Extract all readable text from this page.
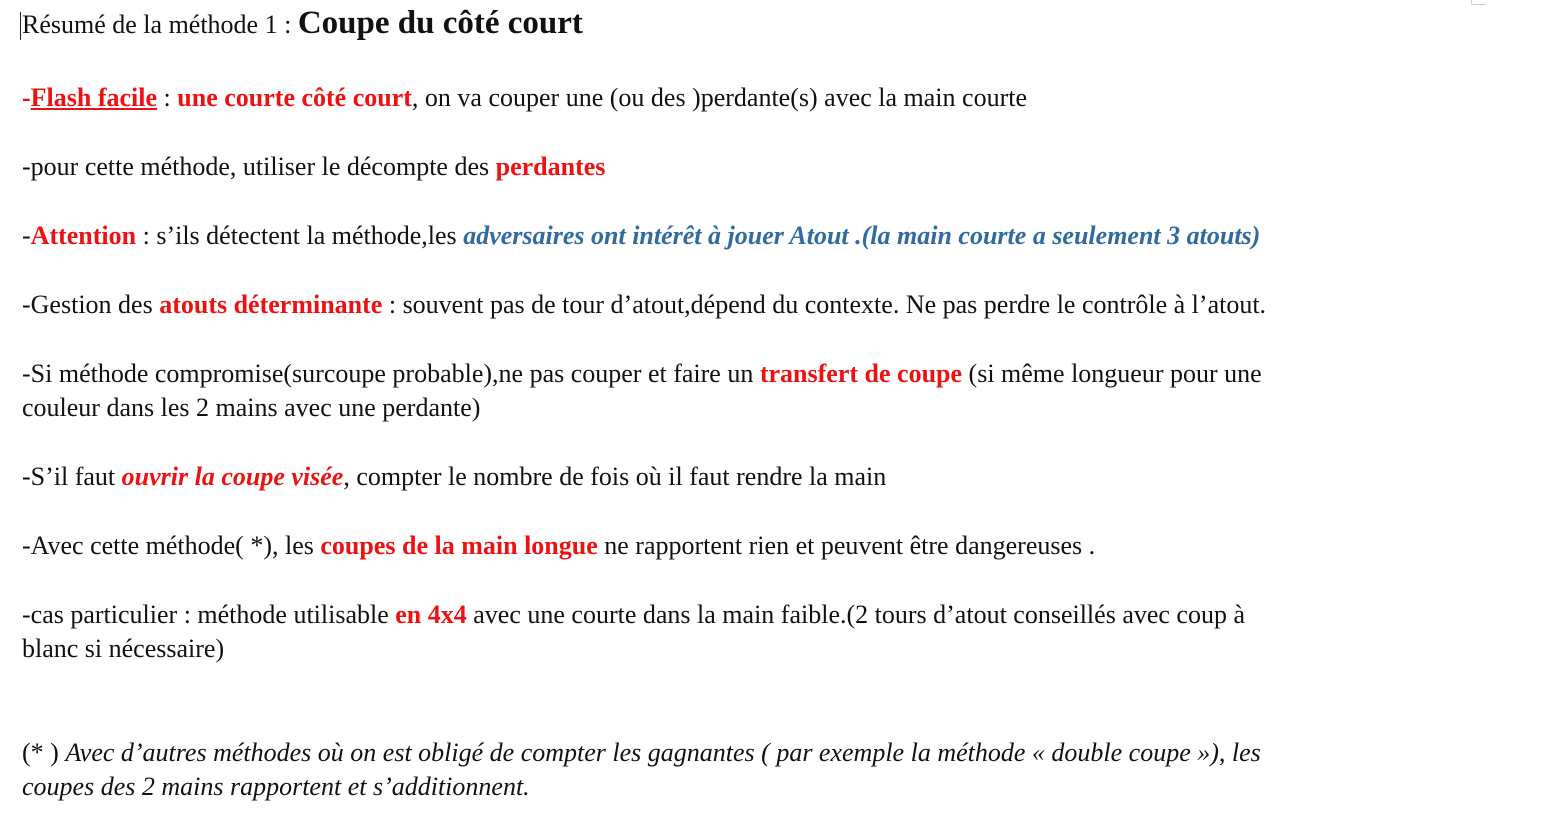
Résumé de la méthode 1 : Coupe du côté court

-Flash facile : une courte côté court, on va couper une (ou des )perdante(s) avec la main courte

-pour cette méthode, utiliser le décompte des perdantes

-Attention : s’ils détectent la méthode,les adversaires ont intérêt à jouer Atout .(la main courte a seulement 3 atouts)

-Gestion des atouts déterminante : souvent pas de tour d’atout,dépend du contexte. Ne pas perdre le contrôle à l’atout.

-Si méthode compromise(surcoupe probable),ne pas couper et faire un transfert de coupe (si même longueur pour une

couleur dans les 2 mains avec une perdante)

-S’il faut ouvrir la coupe visée, compter le nombre de fois où il faut rendre la main

-Avec cette méthode( *), les coupes de la main longue ne rapportent rien et peuvent être dangereuses .

-cas particulier : méthode utilisable en 4x4 avec une courte dans la main faible.(2 tours d’atout conseillés avec coup à

blanc si nécessaire)

(* ) Avec d’autres méthodes où on est obligé de compter les gagnantes ( par exemple la méthode « double coupe »), les

coupes des 2 mains rapportent et s’additionnent.
